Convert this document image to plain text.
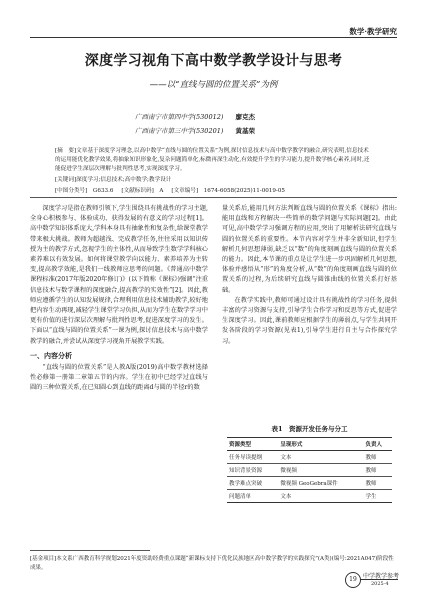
数学·教学研究
深度学习视角下高中数学教学设计与思考
——以“直线与圆的位置关系”为例
广西南宁市第四中学(530012) 廖克杰
广西南宁市第三中学(530201) 黄基荣
[摘　要]文章基于深度学习理念,以高中数学“直线与圆的位置关系”为例,探讨信息技术与高中数学教学的融合,研究表明,信息技术的运用能优化教学效果,将抽象知识形象化,复杂问题简单化,标微再深生动化,有效提升学生的学习能力,提升数学核心素养,同时,还能促进学生深层次理解与批判性思考,实现深度学习。
[关键词]深度学习;信息技术;高中数学;教学设计
[中图分类号]　G633.6 [文献标识码]　A [文章编号]　1674-6058(2025)11-0019-05

深度学习是指在教师引领下,学生围绕具有挑战性的学习主题,全身心积极参与、体验成功、获得发展的有意义的学习过程[1]。高中数学知识体系庞大,学科本身具有抽象性和复杂性,给课堂教学带来极大挑战。教师为超越浅、完成教学任务,往往采用以知识传授为主的教学方式,忽视学生的主体性,从而导致学生数学学科核心素养难以有效发展。如何将课堂教学向以能力、素养培养为主转变,提高教学效能,是我们一线教师应思考的问题。《普通高中数学课程标准(2017年版2020年修订)》(以下简称《课标》)强调“注重信息技术与数学课程的深度融合,提高教学的实效性”[2]。因此,教师应遵循学生的认知发展规律,合理利用信息技术辅助教学,较好地把内容生动再现,减轻学生课堂学习负担,从而为学生在数学学习中更有价值的进行深层次理解与批判性思考,促进深度学习的发生。下面以“直线与圆的位置关系”一课为例,探讨信息技术与高中数学教学的融合,并尝试从深度学习视角开展教学实践。

一、内容分析

“直线与圆的位置关系”是人教A版(2019)高中数学教材选择性必修第一册第二章第五节的内容。学生在初中已经学过直线与圆的三种位置关系,在已知圆心到直线的距离d与圆的半径r的数

量关系后,能用几何方法判断直线与圆的位置关系《课标》指出:能用直线和方程解决一些简单的数学问题与实际问题[2]。由此可见,高中数学学习强调方程的应用,突出了用解析法研究直线与圆的位置关系的重要性。本节内容对学生并非全新知识,但学生解析几何思想薄弱,缺乏以“数”的角度刻画直线与圆的位置关系的能力。因此,本节课的重点是让学生进一步巩固解析几何思想,体验并感悟从“形”的角度分析,从“数”的角度刻画直线与圆的位置关系的过程,为后续研究直线与圆锥曲线的位置关系打好基础。

在教学实践中,教师可通过设计具有挑战性的学习任务,提供丰富的学习资源与支持,引导学生合作学习和反思等方式,促进学生深度学习。因此,课前教师应根据学生的薄弱点,与学生共同开发各阶段的学习资源(见表1),引导学生进行自主与合作探究学习。

表1　资源开发任务与分工
资源类型	呈现形式	负责人
任务导读提纲	文本	教师
知识背景资源	微视频	教师
教学难点突破	微视频 GeoGebra课件	教师
问题清单	文本	学生
[基金项目]本文系广西教育科学规划2021年度资助经费重点课题“新课标支持下优化民族地区高中数学教学的实践探究”(A类)(编号:2021A047)阶段性成果。
19	中学教学参考
2025·4
